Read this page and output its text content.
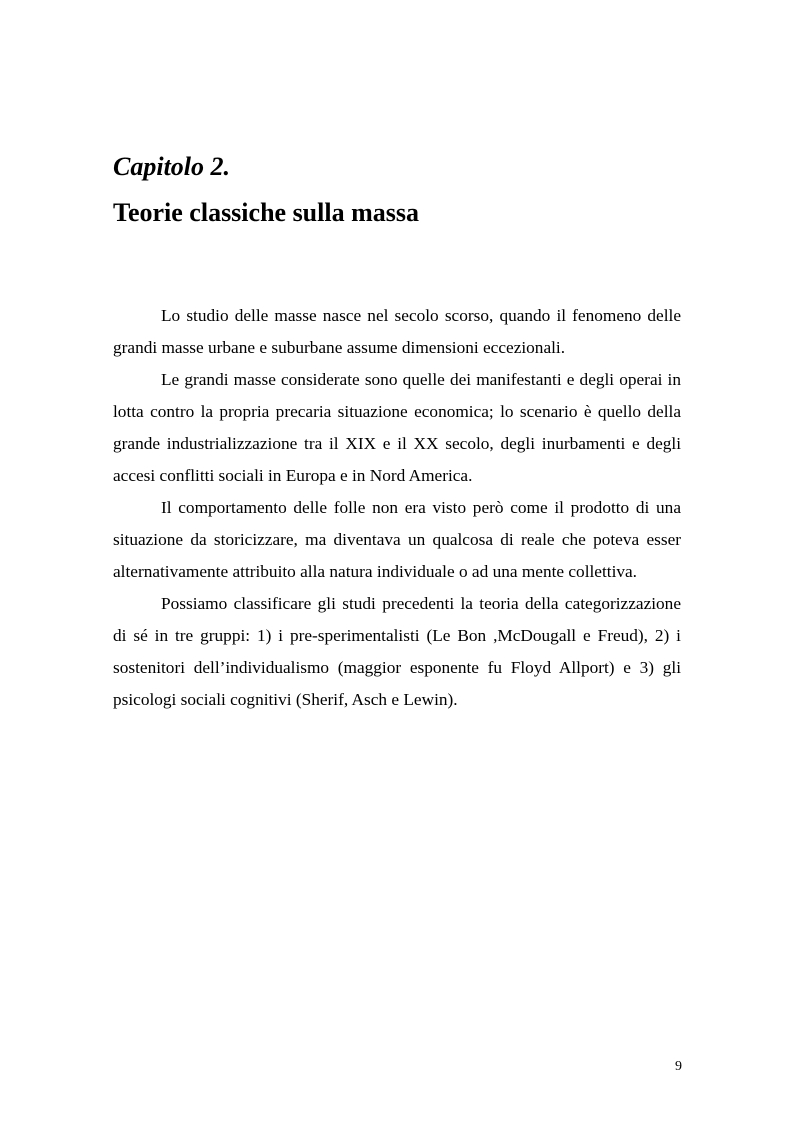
Capitolo 2.
Teorie classiche sulla massa

Lo studio delle masse nasce nel secolo scorso, quando il fenomeno delle grandi masse urbane e suburbane assume dimensioni eccezionali.

Le grandi masse considerate sono quelle dei manifestanti e degli operai in lotta contro la propria precaria situazione economica; lo scenario è quello della grande industrializzazione tra il XIX e il XX secolo, degli inurbamenti e degli accesi conflitti sociali in Europa e in Nord America.

Il comportamento delle folle non era visto però come il prodotto di una situazione da storicizzare, ma diventava un qualcosa di reale che poteva esser alternativamente attribuito alla natura individuale o ad una mente collettiva.

Possiamo classificare gli studi precedenti la teoria della categorizzazione di sé in tre gruppi: 1) i pre-sperimentalisti (Le Bon ,McDougall e Freud), 2) i sostenitori dell’individualismo (maggior esponente fu Floyd Allport) e 3) gli psicologi sociali cognitivi (Sherif, Asch e Lewin).

9
